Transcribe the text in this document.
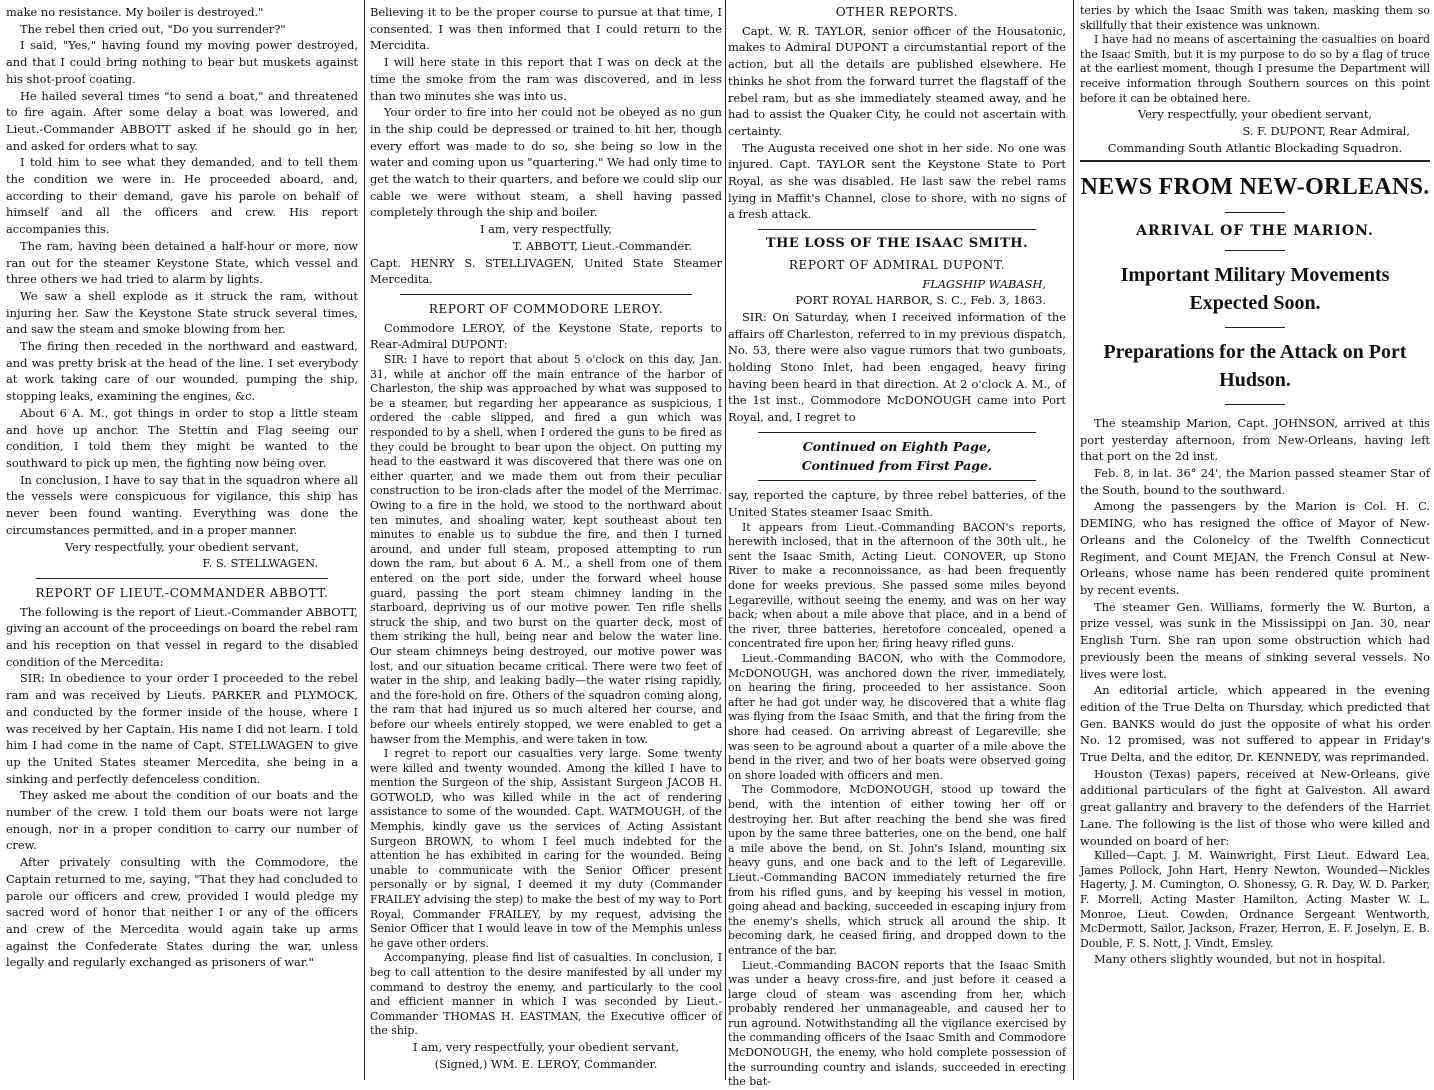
make no resistance. My boiler is destroyed."

The rebel then cried out, "Do you surrender?"

I said, "Yes," having found my moving power destroyed, and that I could bring nothing to bear but muskets against his shot-proof coating.

He hailed several times "to send a boat," and threatened to fire again. After some delay a boat was lowered, and Lieut.-Commander ABBOTT asked if he should go in her, and asked for orders what to say.

I told him to see what they demanded, and to tell them the condition we were in. He proceeded aboard, and, according to their demand, gave his parole on behalf of himself and all the officers and crew. His report accompanies this.

The ram, having been detained a half-hour or more, now ran out for the steamer Keystone State, which vessel and three others we had tried to alarm by lights.

We saw a shell explode as it struck the ram, without injuring her. Saw the Keystone State struck several times, and saw the steam and smoke blowing from her.

The firing then receded in the northward and eastward, and was pretty brisk at the head of the line. I set everybody at work taking care of our wounded, pumping the ship, stopping leaks, examining the engines, &c.

About 6 A. M., got things in order to stop a little steam and hove up anchor. The Stettin and Flag seeing our condition, I told them they might be wanted to the southward to pick up men, the fighting now being over.

In conclusion, I have to say that in the squadron where all the vessels were conspicuous for vigilance, this ship has never been found wanting. Everything was done the circumstances permitted, and in a proper manner.

Very respectfully, your obedient servant,

F. S. STELLWAGEN.

REPORT OF LIEUT.-COMMANDER ABBOTT.

The following is the report of Lieut.-Commander ABBOTT, giving an account of the proceedings on board the rebel ram and his reception on that vessel in regard to the disabled condition of the Mercedita:

SIR: In obedience to your order I proceeded to the rebel ram and was received by Lieuts. PARKER and PLYMOCK, and conducted by the former inside of the house, where I was received by her Captain. His name I did not learn. I told him I had come in the name of Capt. STELLWAGEN to give up the United States steamer Mercedita, she being in a sinking and perfectly defenceless condition.

They asked me about the condition of our boats and the number of the crew. I told them our boats were not large enough, nor in a proper condition to carry our number of crew.

After privately consulting with the Commodore, the Captain returned to me, saying, "That they had concluded to parole our officers and crew, provided I would pledge my sacred word of honor that neither I or any of the officers and crew of the Mercedita would again take up arms against the Confederate States during the war, unless legally and regularly exchanged as prisoners of war."

Believing it to be the proper course to pursue at that time, I consented. I was then informed that I could return to the Mercidita.

I will here state in this report that I was on deck at the time the smoke from the ram was discovered, and in less than two minutes she was into us.

Your order to fire into her could not be obeyed as no gun in the ship could be depressed or trained to hit her, though every effort was made to do so, she being so low in the water and coming upon us "quartering." We had only time to get the watch to their quarters, and before we could slip our cable we were without steam, a shell having passed completely through the ship and boiler.

I am, very respectfully,

T. ABBOTT, Lieut.-Commander.

Capt. HENRY S. STELLIVAGEN, United State Steamer Mercedita.

REPORT OF COMMODORE LEROY.

Commodore LEROY, of the Keystone State, reports to Rear-Admiral DUPONT:

SIR: I have to report that about 5 o'clock on this day, Jan. 31, while at anchor off the main entrance of the harbor of Charleston, the ship was approached by what was supposed to be a steamer, but regarding her appearance as suspicious, I ordered the cable slipped, and fired a gun which was responded to by a shell, when I ordered the guns to be fired as they could be brought to bear upon the object. On putting my head to the eastward it was discovered that there was one on either quarter, and we made them out from their peculiar construction to be iron-clads after the model of the Merrimac. Owing to a fire in the hold, we stood to the northward about ten minutes, and shoaling water, kept southeast about ten minutes to enable us to subdue the fire, and then I turned around, and under full steam, proposed attempting to run down the ram, but about 6 A. M., a shell from one of them entered on the port side, under the forward wheel house guard, passing the port steam chimney landing in the starboard, depriving us of our motive power. Ten rifle shells struck the ship, and two burst on the quarter deck, most of them striking the hull, being near and below the water line. Our steam chimneys being destroyed, our motive power was lost, and our situation became critical. There were two feet of water in the ship, and leaking badly—the water rising rapidly, and the fore-hold on fire. Others of the squadron coming along, the ram that had injured us so much altered her course, and before our wheels entirely stopped, we were enabled to get a hawser from the Memphis, and were taken in tow.

I regret to report our casualties very large. Some twenty were killed and twenty wounded. Among the killed I have to mention the Surgeon of the ship, Assistant Surgeon JACOB H. GOTWOLD, who was killed while in the act of rendering assistance to some of the wounded. Capt. WATMOUGH, of the Memphis, kindly gave us the services of Acting Assistant Surgeon BROWN, to whom I feel much indebted for the attention he has exhibited in caring for the wounded. Being unable to communicate with the Senior Officer present personally or by signal, I deemed it my duty (Commander FRAILEY advising the step) to make the best of my way to Port Royal, Commander FRAILEY, by my request, advising the Senior Officer that I would leave in tow of the Memphis unless he gave other orders.

Accompanying, please find list of casualties. In conclusion, I beg to call attention to the desire manifested by all under my command to destroy the enemy, and particularly to the cool and efficient manner in which I was seconded by Lieut.-Commander THOMAS H. EASTMAN, the Executive officer of the ship.

I am, very respectfully, your obedient servant,

(Signed,) WM. E. LEROY, Commander.

OTHER REPORTS.

Capt. W. R. TAYLOR, senior officer of the Housatonic, makes to Admiral DUPONT a circumstantial report of the action, but all the details are published elsewhere. He thinks he shot from the forward turret the flagstaff of the rebel ram, but as she immediately steamed away, and he had to assist the Quaker City, he could not ascertain with certainty.

The Augusta received one shot in her side. No one was injured. Capt. TAYLOR sent the Keystone State to Port Royal, as she was disabled. He last saw the rebel rams lying in Maffit's Channel, close to shore, with no signs of a fresh attack.

THE LOSS OF THE ISAAC SMITH.
REPORT OF ADMIRAL DUPONT.

FLAGSHIP WABASH,

PORT ROYAL HARBOR, S. C., Feb. 3, 1863.

SIR: On Saturday, when I received information of the affairs off Charleston, referred to in my previous dispatch, No. 53, there were also vague rumors that two gunboats, holding Stono Inlet, had been engaged, heavy firing having been heard in that direction. At 2 o'clock A. M., of the 1st inst., Commodore McDONOUGH came into Port Royal, and, I regret to

Continued on Eighth Page,
Continued from First Page.

say, reported the capture, by three rebel batteries, of the United States steamer Isaac Smith.

It appears from Lieut.-Commanding BACON's reports, herewith inclosed, that in the afternoon of the 30th ult., he sent the Isaac Smith, Acting Lieut. CONOVER, up Stono River to make a reconnoissance, as had been frequently done for weeks previous. She passed some miles beyond Legareville, without seeing the enemy, and was on her way back; when about a mile above that place, and in a bend of the river, three batteries, heretofore concealed, opened a concentrated fire upon her, firing heavy rifled guns.

Lieut.-Commanding BACON, who with the Commodore, McDONOUGH, was anchored down the river, immediately, on hearing the firing, proceeded to her assistance. Soon after he had got under way, he discovered that a white flag was flying from the Isaac Smith, and that the firing from the shore had ceased. On arriving abreast of Legareville, she was seen to be aground about a quarter of a mile above the bend in the river, and two of her boats were observed going on shore loaded with officers and men.

The Commodore, McDONOUGH, stood up toward the bend, with the intention of either towing her off or destroying her. But after reaching the bend she was fired upon by the same three batteries, one on the bend, one half a mile above the bend, on St. John's Island, mounting six heavy guns, and one back and to the left of Legareville. Lieut.-Commanding BACON immediately returned the fire from his rifled guns, and by keeping his vessel in motion, going ahead and backing, succeeded in escaping injury from the enemy's shells, which struck all around the ship. It becoming dark, he ceased firing, and dropped down to the entrance of the bar.

Lieut.-Commanding BACON reports that the Isaac Smith was under a heavy cross-fire, and just before it ceased a large cloud of steam was ascending from her, which probably rendered her unmanageable, and caused her to run aground. Notwithstanding all the vigilance exercised by the commanding officers of the Isaac Smith and Commodore McDONOUGH, the enemy, who hold complete possession of the surrounding country and islands, succeeded in erecting the bat-

teries by which the Isaac Smith was taken, masking them so skillfully that their existence was unknown.

I have had no means of ascertaining the casualties on board the Isaac Smith, but it is my purpose to do so by a flag of truce at the earliest moment, though I presume the Department will receive information through Southern sources on this point before it can be obtained here.

Very respectfully, your obedient servant,

S. F. DUPONT, Rear Admiral,

Commanding South Atlantic Blockading Squadron.

NEWS FROM NEW-ORLEANS.
ARRIVAL OF THE MARION.
Important Military Movements Expected Soon.
Preparations for the Attack on Port Hudson.

The steamship Marion, Capt. JOHNSON, arrived at this port yesterday afternoon, from New-Orleans, having left that port on the 2d inst.

Feb. 8, in lat. 36° 24', the Marion passed steamer Star of the South, bound to the southward.

Among the passengers by the Marion is Col. H. C. DEMING, who has resigned the office of Mayor of New-Orleans and the Colonelcy of the Twelfth Connecticut Regiment, and Count MEJAN, the French Consul at New-Orleans, whose name has been rendered quite prominent by recent events.

The steamer Gen. Williams, formerly the W. Burton, a prize vessel, was sunk in the Mississippi on Jan. 30, near English Turn. She ran upon some obstruction which had previously been the means of sinking several vessels. No lives were lost.

An editorial article, which appeared in the evening edition of the True Delta on Thursday, which predicted that Gen. BANKS would do just the opposite of what his order No. 12 promised, was not suffered to appear in Friday's True Delta, and the editor, Dr. KENNEDY, was reprimanded.

Houston (Texas) papers, received at New-Orleans, give additional particulars of the fight at Galveston. All award great gallantry and bravery to the defenders of the Harriet Lane. The following is the list of those who were killed and wounded on board of her:

Killed—Capt. J. M. Wainwright, First Lieut. Edward Lea, James Pollock, John Hart, Henry Newton. Wounded—Nickles Hagerty, J. M. Cumington, O. Shonessy, G. R. Day, W. D. Parker, F. Morrell, Acting Master Hamilton, Acting Master W. L. Monroe, Lieut. Cowden, Ordnance Sergeant Wentworth, McDermott, Sailor, Jackson, Frazer, Herron, E. F. Joselyn, E. B. Double, F. S. Nott, J. Vindt, Emsley.

Many others slightly wounded, but not in hospital.
